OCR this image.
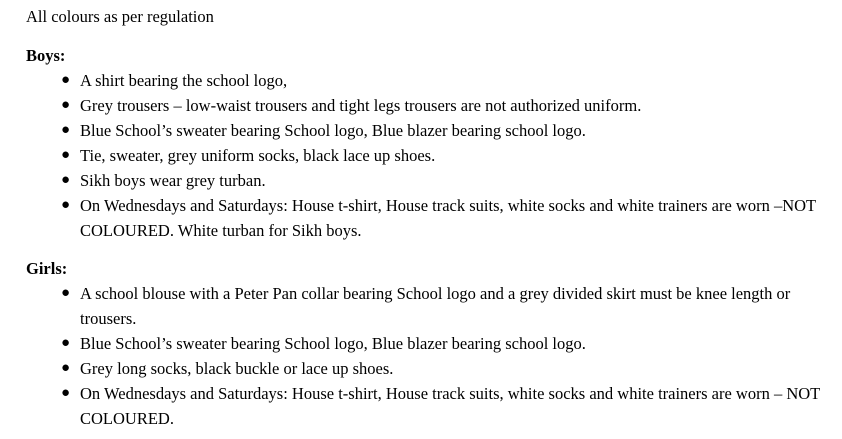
All colours as per regulation

Boys:

● A shirt bearing the school logo,
● Grey trousers – low-waist trousers and tight legs trousers are not authorized uniform.
● Blue School’s sweater bearing School logo, Blue blazer bearing school logo.
● Tie, sweater, grey uniform socks, black lace up shoes.
● Sikh boys wear grey turban.
● On Wednesdays and Saturdays: House t-shirt, House track suits, white socks and white trainers are worn –NOT COLOURED. White turban for Sikh boys.

Girls:

● A school blouse with a Peter Pan collar bearing School logo and a grey divided skirt must be knee length or trousers.
● Blue School’s sweater bearing School logo, Blue blazer bearing school logo.
● Grey long socks, black buckle or lace up shoes.
● On Wednesdays and Saturdays: House t-shirt, House track suits, white socks and white trainers are worn – NOT COLOURED.
